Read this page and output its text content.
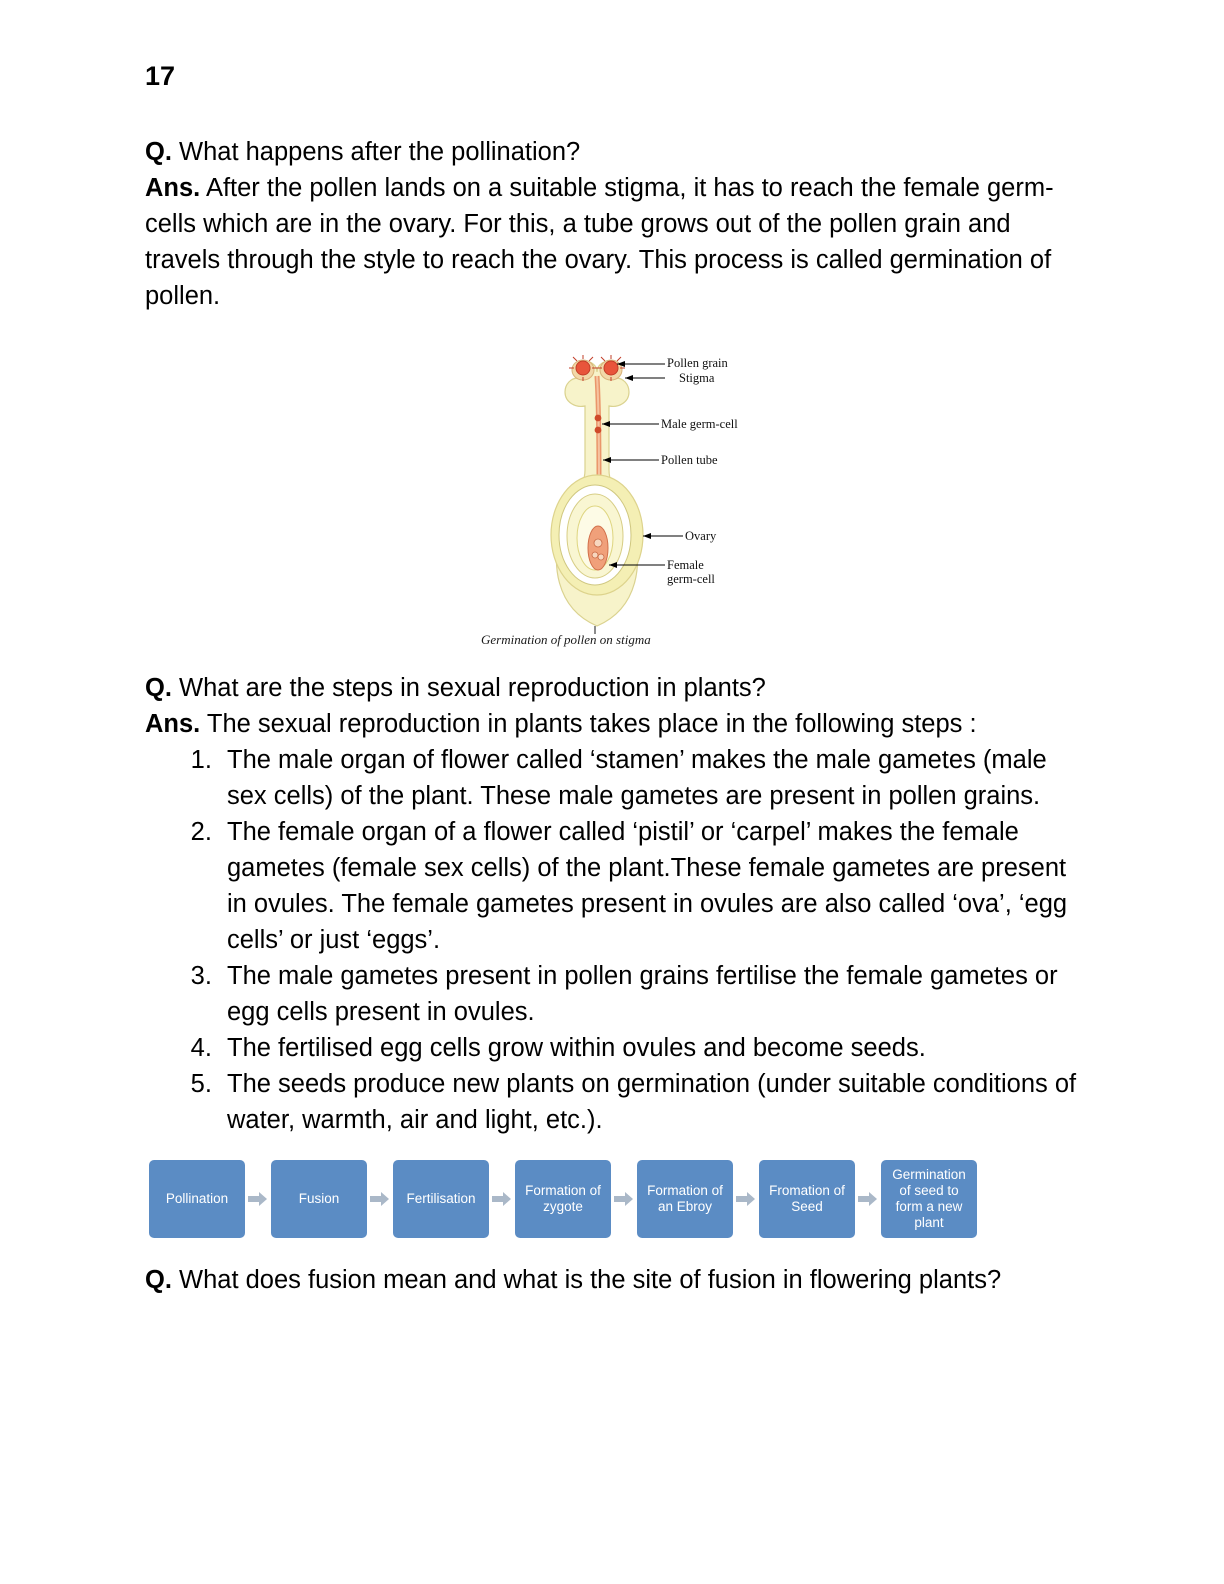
17

Q. What happens after the pollination?

Ans. After the pollen lands on a suitable stigma, it has to reach the female germ-cells which are in the ovary. For this, a tube grows out of the pollen grain and travels through the style to reach the ovary. This process is called germination of pollen.

Pollen grain
Stigma
Male germ-cell
Pollen tube
Ovary
Female germ-cell
Germination of pollen on stigma

Q. What are the steps in sexual reproduction in plants?

Ans. The sexual reproduction in plants takes place in the following steps :

1. The male organ of flower called ‘stamen’ makes the male gametes (male sex cells) of the plant. These male gametes are present in pollen grains.
2. The female organ of a flower called ‘pistil’ or ‘carpel’ makes the female gametes (female sex cells) of the plant.These female gametes are present in ovules. The female gametes present in ovules are also called ‘ova’, ‘egg cells’ or just ‘eggs’.
3. The male gametes present in pollen grains fertilise the female gametes or egg cells present in ovules.
4. The fertilised egg cells grow within ovules and become seeds.
5. The seeds produce new plants on germination (under suitable conditions of water, warmth, air and light, etc.).
Pollination	Fusion	Fertilisation
Formation of zygote
Formation of an Ebroy
Fromation of Seed
Germination of seed to form a new plant

Q. What does fusion mean and what is the site of fusion in flowering plants?
